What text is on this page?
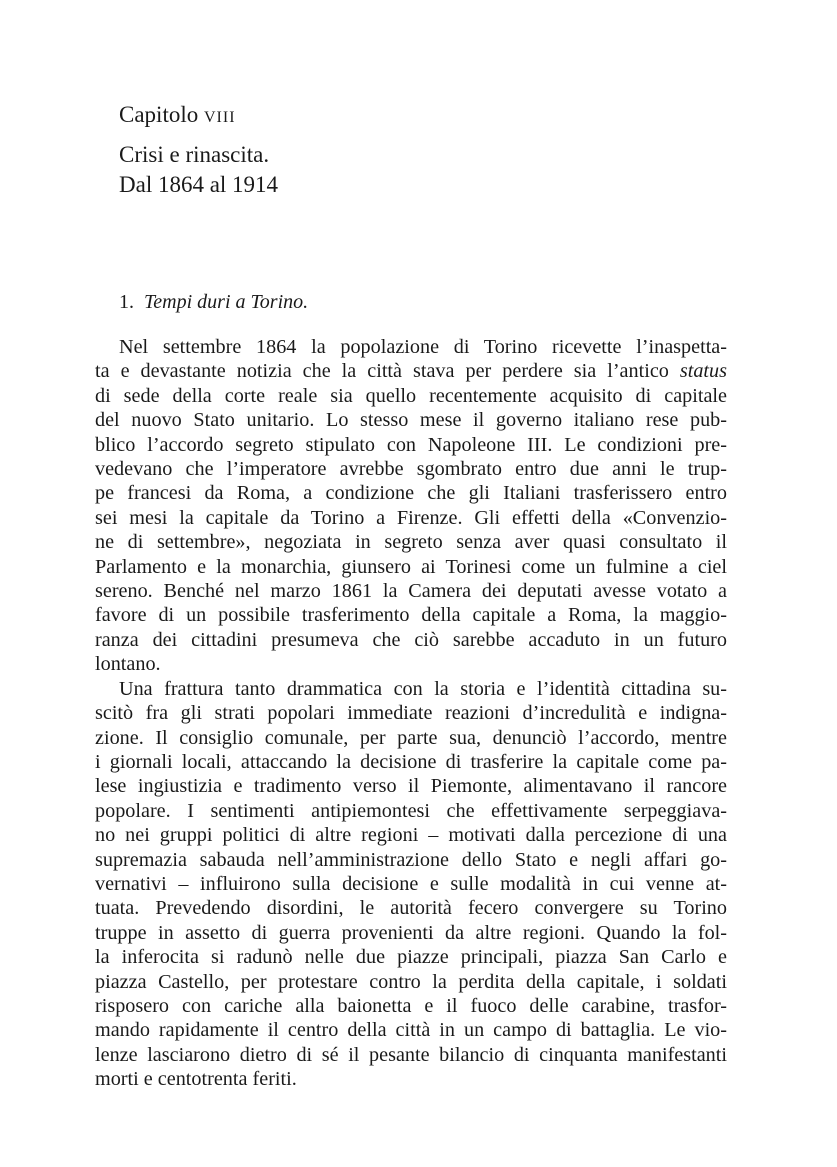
Capitolo viii
Crisi e rinascita.
Dal 1864 al 1914
1. Tempi duri a Torino.
Nel settembre 1864 la popolazione di Torino ricevette l’inaspetta-
ta e devastante notizia che la città stava per perdere sia l’antico status
di sede della corte reale sia quello recentemente acquisito di capitale
del nuovo Stato unitario. Lo stesso mese il governo italiano rese pub-
blico l’accordo segreto stipulato con Napoleone III. Le condizioni pre-
vedevano che l’imperatore avrebbe sgombrato entro due anni le trup-
pe francesi da Roma, a condizione che gli Italiani trasferissero entro
sei mesi la capitale da Torino a Firenze. Gli effetti della «Convenzio-
ne di settembre», negoziata in segreto senza aver quasi consultato il
Parlamento e la monarchia, giunsero ai Torinesi come un fulmine a ciel
sereno. Benché nel marzo 1861 la Camera dei deputati avesse votato a
favore di un possibile trasferimento della capitale a Roma, la maggio-
ranza dei cittadini presumeva che ciò sarebbe accaduto in un futuro
lontano.
Una frattura tanto drammatica con la storia e l’identità cittadina su-
scitò fra gli strati popolari immediate reazioni d’incredulità e indigna-
zione. Il consiglio comunale, per parte sua, denunciò l’accordo, mentre
i giornali locali, attaccando la decisione di trasferire la capitale come pa-
lese ingiustizia e tradimento verso il Piemonte, alimentavano il rancore
popolare. I sentimenti antipiemontesi che effettivamente serpeggiava-
no nei gruppi politici di altre regioni – motivati dalla percezione di una
supremazia sabauda nell’amministrazione dello Stato e negli affari go-
vernativi – influirono sulla decisione e sulle modalità in cui venne at-
tuata. Prevedendo disordini, le autorità fecero convergere su Torino
truppe in assetto di guerra provenienti da altre regioni. Quando la fol-
la inferocita si radunò nelle due piazze principali, piazza San Carlo e
piazza Castello, per protestare contro la perdita della capitale, i soldati
risposero con cariche alla baionetta e il fuoco delle carabine, trasfor-
mando rapidamente il centro della città in un campo di battaglia. Le vio-
lenze lasciarono dietro di sé il pesante bilancio di cinquanta manifestanti
morti e centotrenta feriti.
